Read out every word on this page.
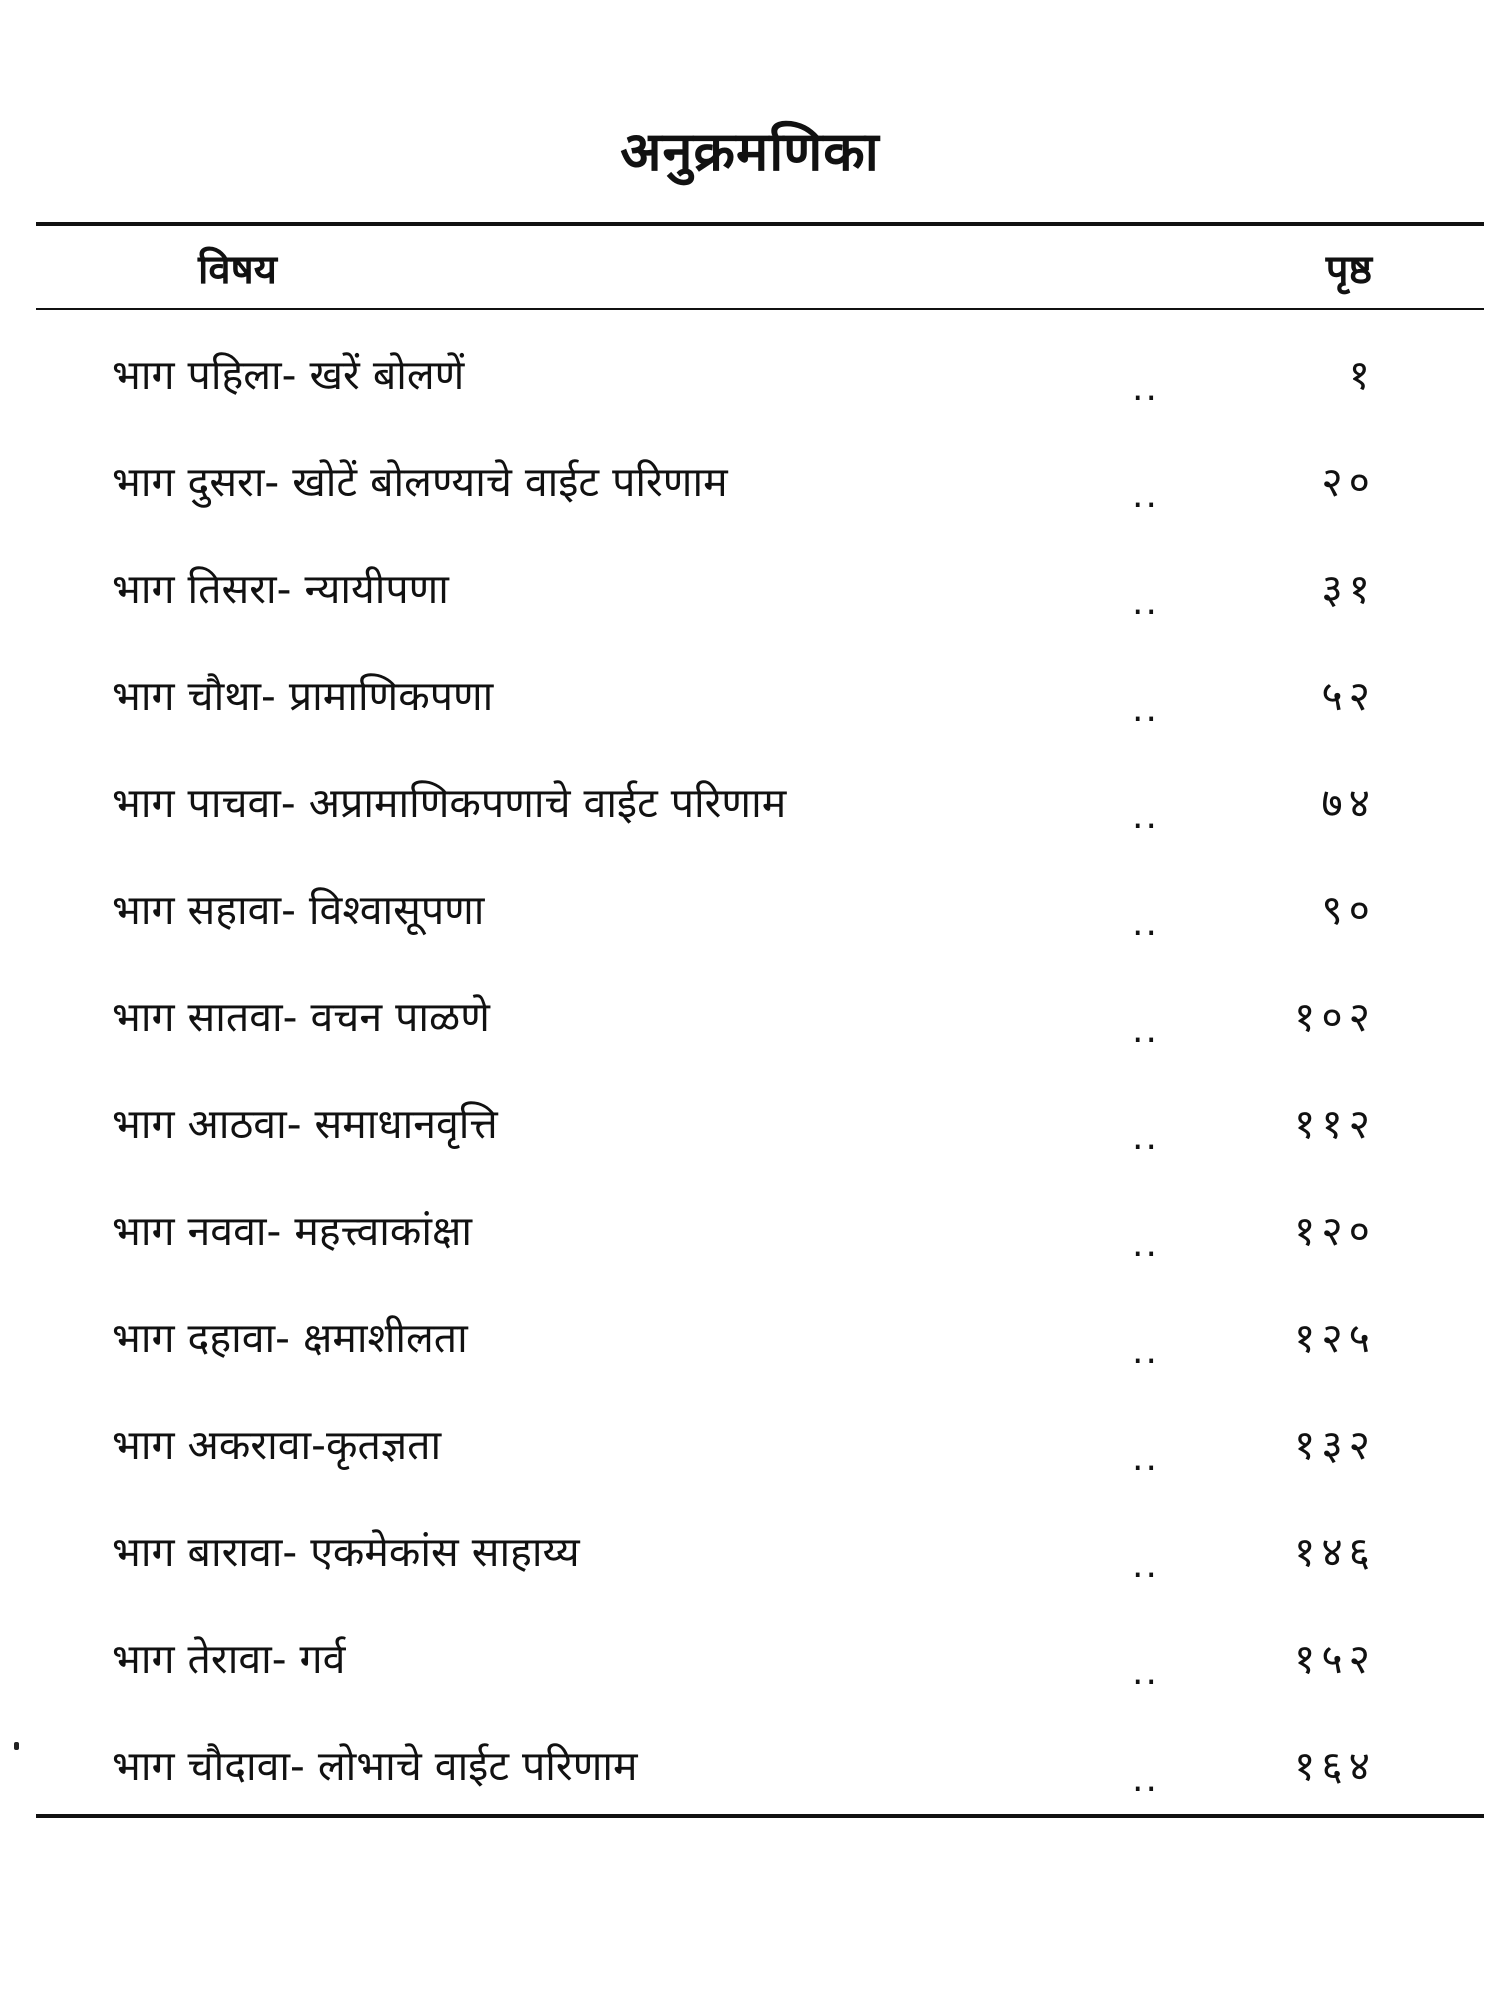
अनुक्रमणिका
विषय	पृष्ठ
भाग पहिला- खरें बोलणें	..	१
भाग दुसरा- खोटें बोलण्याचे वाईट परिणाम	..	२०
भाग तिसरा- न्यायीपणा	..	३१
भाग चौथा- प्रामाणिकपणा	..	५२
भाग पाचवा- अप्रामाणिकपणाचे वाईट परिणाम	..	७४
भाग सहावा- विश्वासूपणा	..	९०
भाग सातवा- वचन पाळणे	..	१०२
भाग आठवा- समाधानवृत्ति	..	११२
भाग नववा- महत्त्वाकांक्षा	..	१२०
भाग दहावा- क्षमाशीलता	..	१२५
भाग अकरावा-कृतज्ञता	..	१३२
भाग बारावा- एकमेकांस साहाय्य	..	१४६
भाग तेरावा- गर्व	..	१५२
भाग चौदावा- लोभाचे वाईट परिणाम	..	१६४
